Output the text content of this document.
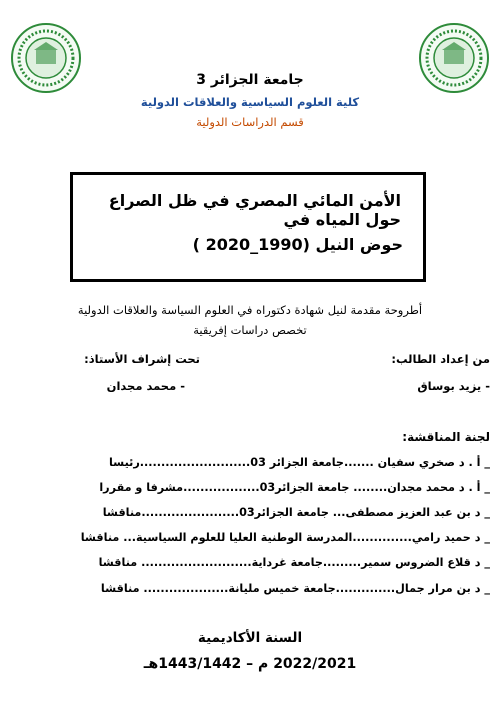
جامعة الجزائر 3
كلية العلوم السياسية والعلاقات الدولية
قسم الدراسات الدولية
الأمن المائي المصري في ظل الصراع حول المياه في
حوض النيل (1990_2020 )
أطروحة مقدمة لنيل شهادة دكتوراه في العلوم السياسة والعلاقات الدولية
تخصص دراسات إفريقية
من إعداد الطالب:
تحت إشراف الأستاذ:
- يزيد بوساق
- محمد مجدان
لجنة المناقشة:
_ أ . د صخري سفيان .......جامعة الجزائر 03..........................رئيسا
_ أ . د محمد مجدان........ جامعة الجزائر03..................مشرفا و مقررا
_ د بن عبد العزيز مصطفى... جامعة الجزائر03.......................مناقشا
_ د حميد رامي..............المدرسة الوطنية العليا للعلوم السياسية... مناقشا
_ د قلاع الضروس سمير.........جامعة غرداية.......................... مناقشا
_ د بن مرار جمال..............جامعة خميس مليانة.................... مناقشا
السنة الأكاديمية
2022/2021 م – 1443/1442هـ
